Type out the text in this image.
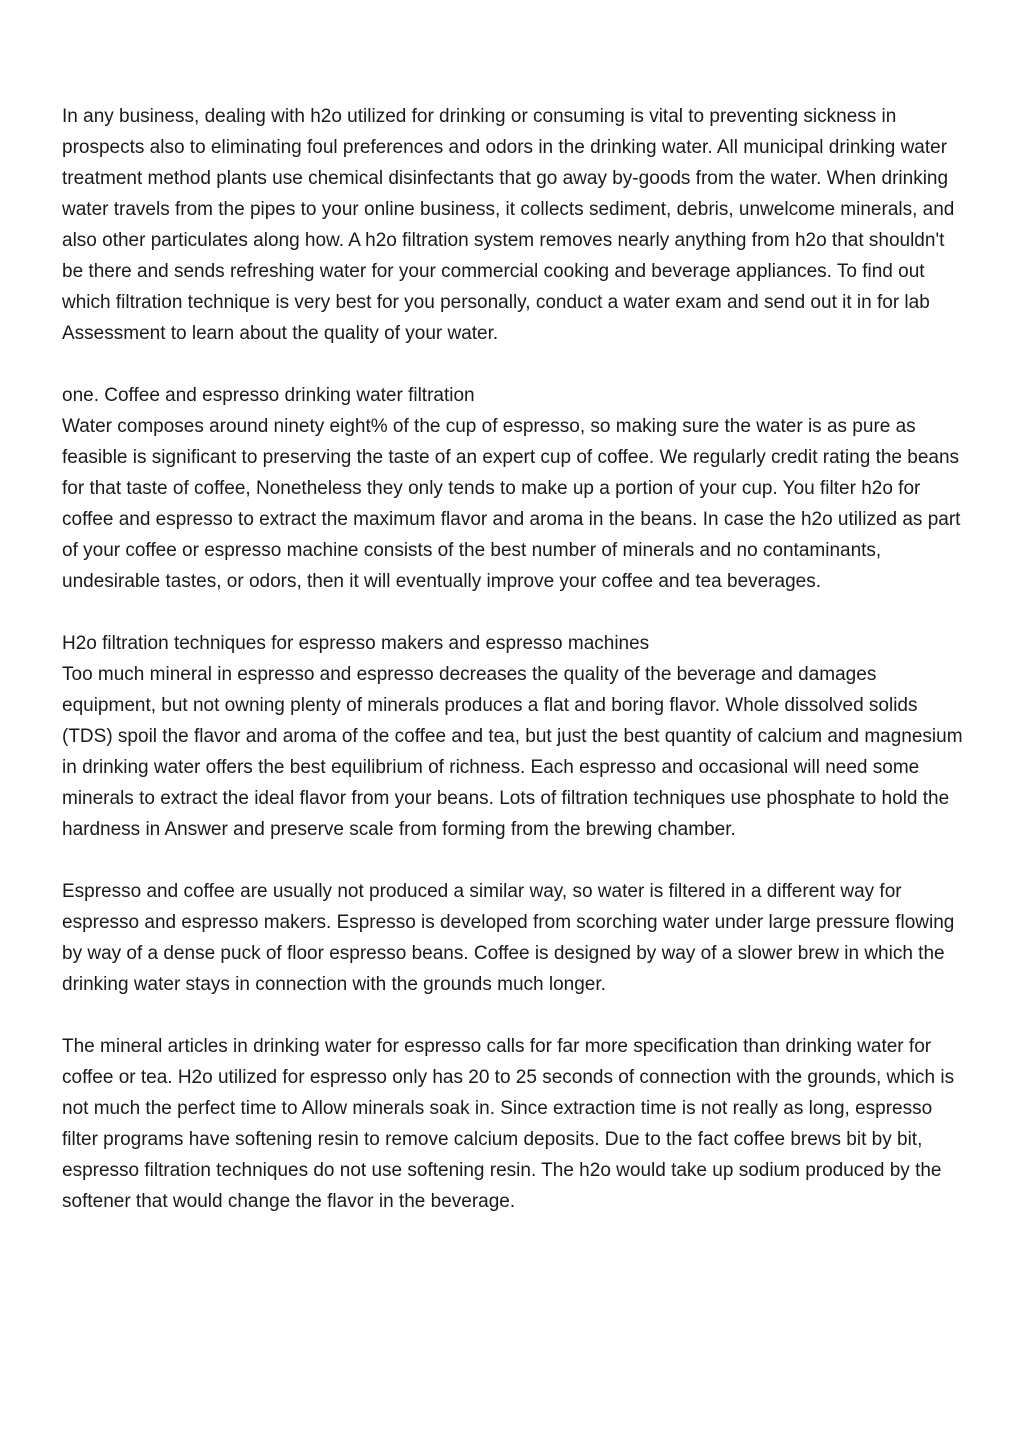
In any business, dealing with h2o utilized for drinking or consuming is vital to preventing sickness in prospects also to eliminating foul preferences and odors in the drinking water. All municipal drinking water treatment method plants use chemical disinfectants that go away by-goods from the water. When drinking water travels from the pipes to your online business, it collects sediment, debris, unwelcome minerals, and also other particulates along how. A h2o filtration system removes nearly anything from h2o that shouldn't be there and sends refreshing water for your commercial cooking and beverage appliances. To find out which filtration technique is very best for you personally, conduct a water exam and send out it in for lab Assessment to learn about the quality of your water.

one. Coffee and espresso drinking water filtration
Water composes around ninety eight% of the cup of espresso, so making sure the water is as pure as feasible is significant to preserving the taste of an expert cup of coffee. We regularly credit rating the beans for that taste of coffee, Nonetheless they only tends to make up a portion of your cup. You filter h2o for coffee and espresso to extract the maximum flavor and aroma in the beans. In case the h2o utilized as part of your coffee or espresso machine consists of the best number of minerals and no contaminants, undesirable tastes, or odors, then it will eventually improve your coffee and tea beverages.

H2o filtration techniques for espresso makers and espresso machines
Too much mineral in espresso and espresso decreases the quality of the beverage and damages equipment, but not owning plenty of minerals produces a flat and boring flavor. Whole dissolved solids (TDS) spoil the flavor and aroma of the coffee and tea, but just the best quantity of calcium and magnesium in drinking water offers the best equilibrium of richness. Each espresso and occasional will need some minerals to extract the ideal flavor from your beans. Lots of filtration techniques use phosphate to hold the hardness in Answer and preserve scale from forming from the brewing chamber.

Espresso and coffee are usually not produced a similar way, so water is filtered in a different way for espresso and espresso makers. Espresso is developed from scorching water under large pressure flowing by way of a dense puck of floor espresso beans. Coffee is designed by way of a slower brew in which the drinking water stays in connection with the grounds much longer.

The mineral articles in drinking water for espresso calls for far more specification than drinking water for coffee or tea. H2o utilized for espresso only has 20 to 25 seconds of connection with the grounds, which is not much the perfect time to Allow minerals soak in. Since extraction time is not really as long, espresso filter programs have softening resin to remove calcium deposits. Due to the fact coffee brews bit by bit, espresso filtration techniques do not use softening resin. The h2o would take up sodium produced by the softener that would change the flavor in the beverage.
